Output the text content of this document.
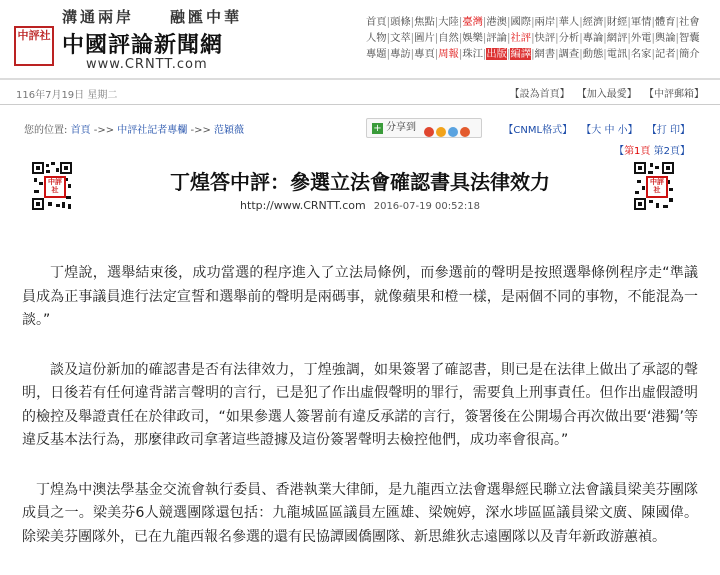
溝通兩岸　　融匯中華
中評社 中國評論新聞網
www.CRNTT.com
首頁|頭條|焦點|大陸|臺灣|港澳|國際|兩岸|華人|經濟|財經|軍情|體育|社會
人物|文萃|圖片|自然|娛樂|評論|社評|快評|分析|專論|網評|外電|輿論|智囊
專題|專訪|專頁|周報|珠江|出版|編譯|網書|調查|動態|電訊|名家|記者|簡介
116年7月19日 星期二	【設為首頁】 【加入最愛】 【中評郵箱】
您的位置: 首頁 ->> 中評社記者專欄 ->> 范穎薇	+ 分享到	【CNML格式】 【大 中 小】 【打 印】
【第1頁 第2頁】
中評社
中評社
丁煌答中評：參選立法會確認書具法律效力
http://www.CRNTT.com 2016-07-19 00:52:18

丁煌說，選舉結束後，成功當選的程序進入了立法局條例，而參選前的聲明是按照選舉條例程序走“準議員成為正事議員進行法定宣誓和選舉前的聲明是兩碼事，就像蘋果和橙一樣，是兩個不同的事物，不能混為一談。”

談及這份新加的確認書是否有法律效力，丁煌強調，如果簽署了確認書，則已是在法律上做出了承認的聲明，日後若有任何違背諾言聲明的言行，已是犯了作出虛假聲明的罪行，需要負上刑事責任。但作出虛假證明的檢控及舉證責任在於律政司，“如果參選人簽署前有違反承諾的言行，簽署後在公開場合再次做出要‘港獨’等違反基本法行為，那麼律政司拿著這些證據及這份簽署聲明去檢控他們，成功率會很高。”

丁煌為中澳法學基金交流會執行委員、香港執業大律師，是九龍西立法會選舉經民聯立法會議員梁美芬團隊成員之一。梁美芬6人競選團隊還包括：九龍城區區議員左匯雄、梁婉婷，深水埗區區議員梁文廣、陳國偉。除梁美芬團隊外，已在九龍西報名參選的還有民協譚國僑團隊、新思維狄志遠團隊以及青年新政游蕙禎。
